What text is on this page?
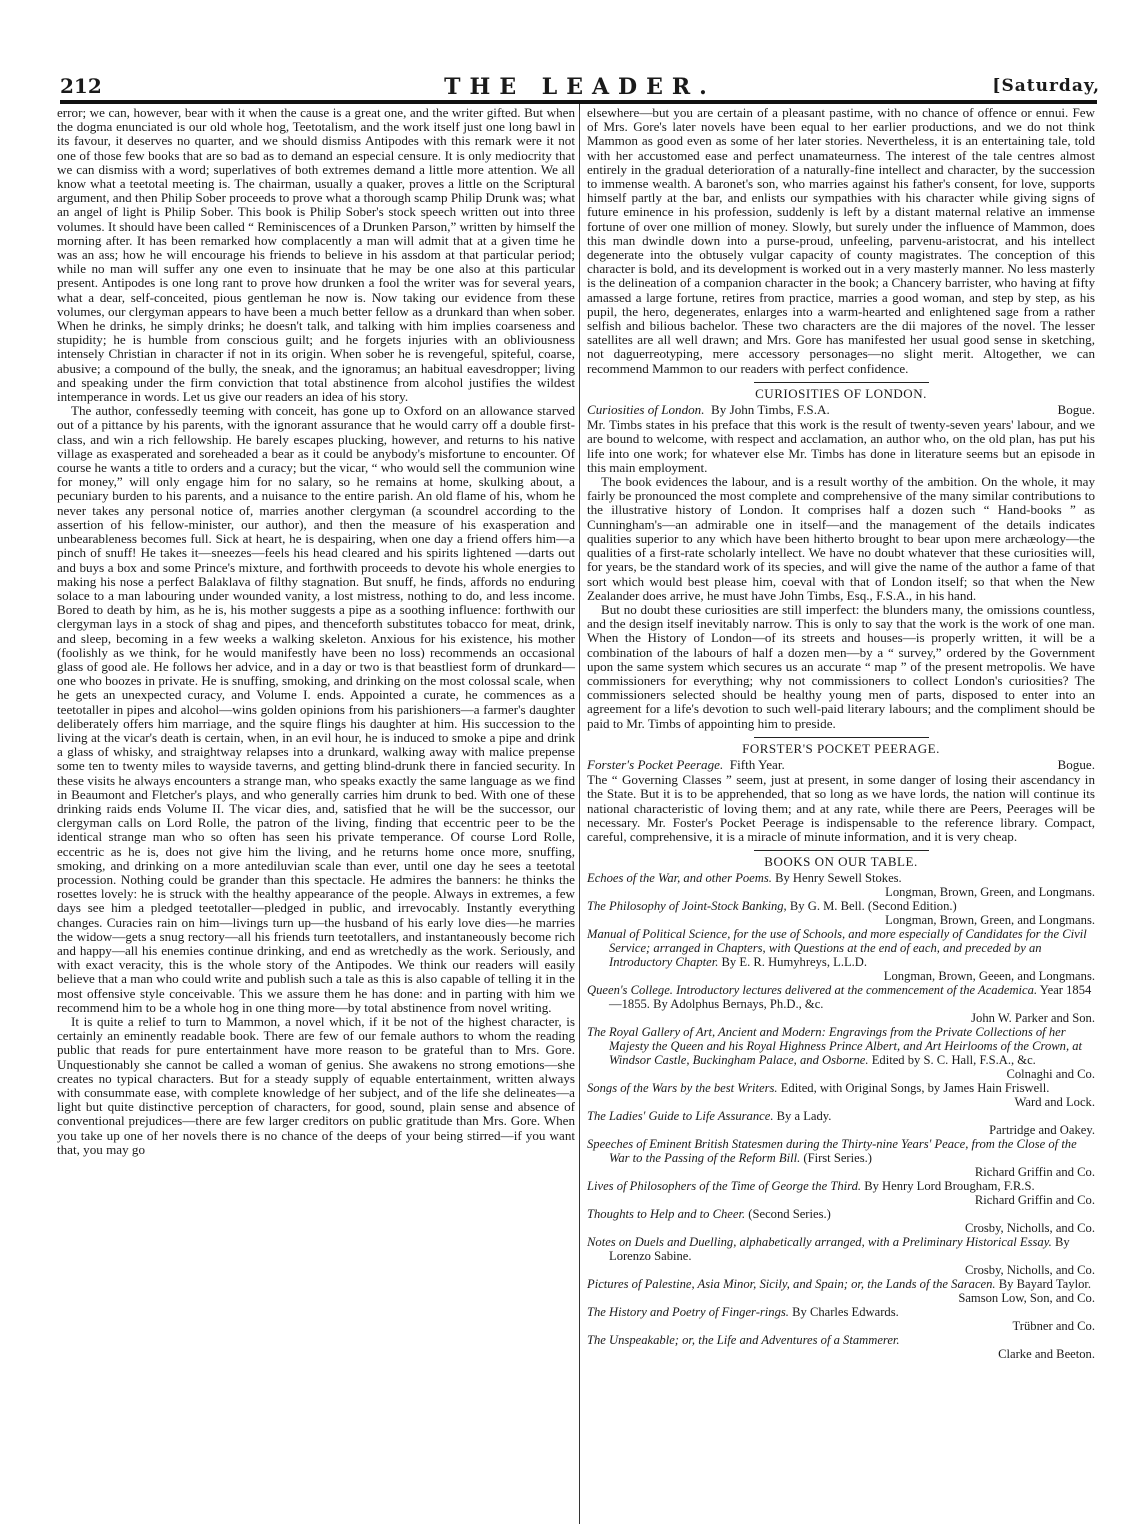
212	THE LEADER.	[Saturday,

error; we can, however, bear with it when the cause is a great one, and the writer gifted. But when the dogma enunciated is our old whole hog, Teetotalism, and the work itself just one long bawl in its favour, it deserves no quarter, and we should dismiss Antipodes with this remark were it not one of those few books that are so bad as to demand an especial censure. It is only mediocrity that we can dismiss with a word; superlatives of both extremes demand a little more attention. We all know what a teetotal meeting is. The chairman, usually a quaker, proves a little on the Scriptural argument, and then Philip Sober proceeds to prove what a thorough scamp Philip Drunk was; what an angel of light is Philip Sober. This book is Philip Sober's stock speech written out into three volumes. It should have been called “ Reminiscences of a Drunken Parson,” written by himself the morning after. It has been remarked how complacently a man will admit that at a given time he was an ass; how he will encourage his friends to believe in his assdom at that particular period; while no man will suffer any one even to insinuate that he may be one also at this particular present. Antipodes is one long rant to prove how drunken a fool the writer was for several years, what a dear, self-conceited, pious gentleman he now is. Now taking our evidence from these volumes, our clergyman appears to have been a much better fellow as a drunkard than when sober. When he drinks, he simply drinks; he doesn't talk, and talking with him implies coarseness and stupidity; he is humble from conscious guilt; and he forgets injuries with an obliviousness intensely Christian in character if not in its origin. When sober he is revengeful, spiteful, coarse, abusive; a compound of the bully, the sneak, and the ignoramus; an habitual eavesdropper; living and speaking under the firm conviction that total abstinence from alcohol justifies the wildest intemperance in words. Let us give our readers an idea of his story.

The author, confessedly teeming with conceit, has gone up to Oxford on an allowance starved out of a pittance by his parents, with the ignorant assurance that he would carry off a double first-class, and win a rich fellowship. He barely escapes plucking, however, and returns to his native village as exasperated and soreheaded a bear as it could be anybody's misfortune to encounter. Of course he wants a title to orders and a curacy; but the vicar, “ who would sell the communion wine for money,” will only engage him for no salary, so he remains at home, skulking about, a pecuniary burden to his parents, and a nuisance to the entire parish. An old flame of his, whom he never takes any personal notice of, marries another clergyman (a scoundrel according to the assertion of his fellow-minister, our author), and then the measure of his exasperation and unbearableness becomes full. Sick at heart, he is despairing, when one day a friend offers him—a pinch of snuff! He takes it—sneezes—feels his head cleared and his spirits lightened —darts out and buys a box and some Prince's mixture, and forthwith proceeds to devote his whole energies to making his nose a perfect Balaklava of filthy stagnation. But snuff, he finds, affords no enduring solace to a man labouring under wounded vanity, a lost mistress, nothing to do, and less income. Bored to death by him, as he is, his mother suggests a pipe as a soothing influence: forthwith our clergyman lays in a stock of shag and pipes, and thenceforth substitutes tobacco for meat, drink, and sleep, becoming in a few weeks a walking skeleton. Anxious for his existence, his mother (foolishly as we think, for he would manifestly have been no loss) recommends an occasional glass of good ale. He follows her advice, and in a day or two is that beastliest form of drunkard—one who boozes in private. He is snuffing, smoking, and drinking on the most colossal scale, when he gets an unexpected curacy, and Volume I. ends. Appointed a curate, he commences as a teetotaller in pipes and alcohol—wins golden opinions from his parishioners—a farmer's daughter deliberately offers him marriage, and the squire flings his daughter at him. His succession to the living at the vicar's death is certain, when, in an evil hour, he is induced to smoke a pipe and drink a glass of whisky, and straightway relapses into a drunkard, walking away with malice prepense some ten to twenty miles to wayside taverns, and getting blind-drunk there in fancied security. In these visits he always encounters a strange man, who speaks exactly the same language as we find in Beaumont and Fletcher's plays, and who generally carries him drunk to bed. With one of these drinking raids ends Volume II. The vicar dies, and, satisfied that he will be the successor, our clergyman calls on Lord Rolle, the patron of the living, finding that eccentric peer to be the identical strange man who so often has seen his private temperance. Of course Lord Rolle, eccentric as he is, does not give him the living, and he returns home once more, snuffing, smoking, and drinking on a more antediluvian scale than ever, until one day he sees a teetotal procession. Nothing could be grander than this spectacle. He admires the banners: he thinks the rosettes lovely: he is struck with the healthy appearance of the people. Always in extremes, a few days see him a pledged teetotaller—pledged in public, and irrevocably. Instantly everything changes. Curacies rain on him—livings turn up—the husband of his early love dies—he marries the widow—gets a snug rectory—all his friends turn teetotallers, and instantaneously become rich and happy—all his enemies continue drinking, and end as wretchedly as the work. Seriously, and with exact veracity, this is the whole story of the Antipodes. We think our readers will easily believe that a man who could write and publish such a tale as this is also capable of telling it in the most offensive style conceivable. This we assure them he has done: and in parting with him we recommend him to be a whole hog in one thing more—by total abstinence from novel writing.

It is quite a relief to turn to Mammon, a novel which, if it be not of the highest character, is certainly an eminently readable book. There are few of our female authors to whom the reading public that reads for pure entertainment have more reason to be grateful than to Mrs. Gore. Unquestionably she cannot be called a woman of genius. She awakens no strong emotions—she creates no typical characters. But for a steady supply of equable entertainment, written always with consummate ease, with complete knowledge of her subject, and of the life she delineates—a light but quite distinctive perception of characters, for good, sound, plain sense and absence of conventional prejudices—there are few larger creditors on public gratitude than Mrs. Gore. When you take up one of her novels there is no chance of the deeps of your being stirred—if you want that, you may go

elsewhere—but you are certain of a pleasant pastime, with no chance of offence or ennui. Few of Mrs. Gore's later novels have been equal to her earlier productions, and we do not think Mammon as good even as some of her later stories. Nevertheless, it is an entertaining tale, told with her accustomed ease and perfect unamateurness. The interest of the tale centres almost entirely in the gradual deterioration of a naturally-fine intellect and character, by the succession to immense wealth. A baronet's son, who marries against his father's consent, for love, supports himself partly at the bar, and enlists our sympathies with his character while giving signs of future eminence in his profession, suddenly is left by a distant maternal relative an immense fortune of over one million of money. Slowly, but surely under the influence of Mammon, does this man dwindle down into a purse-proud, unfeeling, parvenu-aristocrat, and his intellect degenerate into the obtusely vulgar capacity of county magistrates. The conception of this character is bold, and its development is worked out in a very masterly manner. No less masterly is the delineation of a companion character in the book; a Chancery barrister, who having at fifty amassed a large fortune, retires from practice, marries a good woman, and step by step, as his pupil, the hero, degenerates, enlarges into a warm-hearted and enlightened sage from a rather selfish and bilious bachelor. These two characters are the dii majores of the novel. The lesser satellites are all well drawn; and Mrs. Gore has manifested her usual good sense in sketching, not daguerreotyping, mere accessory personages—no slight merit. Altogether, we can recommend Mammon to our readers with perfect confidence.

CURIOSITIES OF LONDON.
Curiosities of London. By John Timbs, F.S.A.	Bogue.

Mr. Timbs states in his preface that this work is the result of twenty-seven years' labour, and we are bound to welcome, with respect and acclamation, an author who, on the old plan, has put his life into one work; for whatever else Mr. Timbs has done in literature seems but an episode in this main employment.

The book evidences the labour, and is a result worthy of the ambition. On the whole, it may fairly be pronounced the most complete and comprehensive of the many similar contributions to the illustrative history of London. It comprises half a dozen such “ Hand-books ” as Cunningham's—an admirable one in itself—and the management of the details indicates qualities superior to any which have been hitherto brought to bear upon mere archæology—the qualities of a first-rate scholarly intellect. We have no doubt whatever that these curiosities will, for years, be the standard work of its species, and will give the name of the author a fame of that sort which would best please him, coeval with that of London itself; so that when the New Zealander does arrive, he must have John Timbs, Esq., F.S.A., in his hand.

But no doubt these curiosities are still imperfect: the blunders many, the omissions countless, and the design itself inevitably narrow. This is only to say that the work is the work of one man. When the History of London—of its streets and houses—is properly written, it will be a combination of the labours of half a dozen men—by a “ survey,” ordered by the Government upon the same system which secures us an accurate “ map ” of the present metropolis. We have commissioners for everything; why not commissioners to collect London's curiosities? The commissioners selected should be healthy young men of parts, disposed to enter into an agreement for a life's devotion to such well-paid literary labours; and the compliment should be paid to Mr. Timbs of appointing him to preside.

FORSTER'S POCKET PEERAGE.
Forster's Pocket Peerage. Fifth Year.	Bogue.

The “ Governing Classes ” seem, just at present, in some danger of losing their ascendancy in the State. But it is to be apprehended, that so long as we have lords, the nation will continue its national characteristic of loving them; and at any rate, while there are Peers, Peerages will be necessary. Mr. Foster's Pocket Peerage is indispensable to the reference library. Compact, careful, comprehensive, it is a miracle of minute information, and it is very cheap.

BOOKS ON OUR TABLE.
Echoes of the War, and other Poems. By Henry Sewell Stokes.
Longman, Brown, Green, and Longmans.
The Philosophy of Joint-Stock Banking, By G. M. Bell. (Second Edition.)
Longman, Brown, Green, and Longmans.
Manual of Political Science, for the use of Schools, and more especially of Candidates for the Civil Service; arranged in Chapters, with Questions at the end of each, and preceded by an Introductory Chapter. By E. R. Humyhreys, L.L.D.
Longman, Brown, Geeen, and Longmans.
Queen's College. Introductory lectures delivered at the commencement of the Academica. Year 1854—1855. By Adolphus Bernays, Ph.D., &c.
John W. Parker and Son.
The Royal Gallery of Art, Ancient and Modern: Engravings from the Private Collections of her Majesty the Queen and his Royal Highness Prince Albert, and Art Heirlooms of the Crown, at Windsor Castle, Buckingham Palace, and Osborne. Edited by S. C. Hall, F.S.A., &c.
Colnaghi and Co.
Songs of the Wars by the best Writers. Edited, with Original Songs, by James Hain Friswell.
Ward and Lock.
The Ladies' Guide to Life Assurance. By a Lady.
Partridge and Oakey.
Speeches of Eminent British Statesmen during the Thirty-nine Years' Peace, from the Close of the War to the Passing of the Reform Bill. (First Series.)
Richard Griffin and Co.
Lives of Philosophers of the Time of George the Third. By Henry Lord Brougham, F.R.S.
Richard Griffin and Co.
Thoughts to Help and to Cheer. (Second Series.)
Crosby, Nicholls, and Co.
Notes on Duels and Duelling, alphabetically arranged, with a Preliminary Historical Essay. By Lorenzo Sabine.
Crosby, Nicholls, and Co.
Pictures of Palestine, Asia Minor, Sicily, and Spain; or, the Lands of the Saracen. By Bayard Taylor.
Samson Low, Son, and Co.
The History and Poetry of Finger-rings. By Charles Edwards.
Trübner and Co.
The Unspeakable; or, the Life and Adventures of a Stammerer.
Clarke and Beeton.
